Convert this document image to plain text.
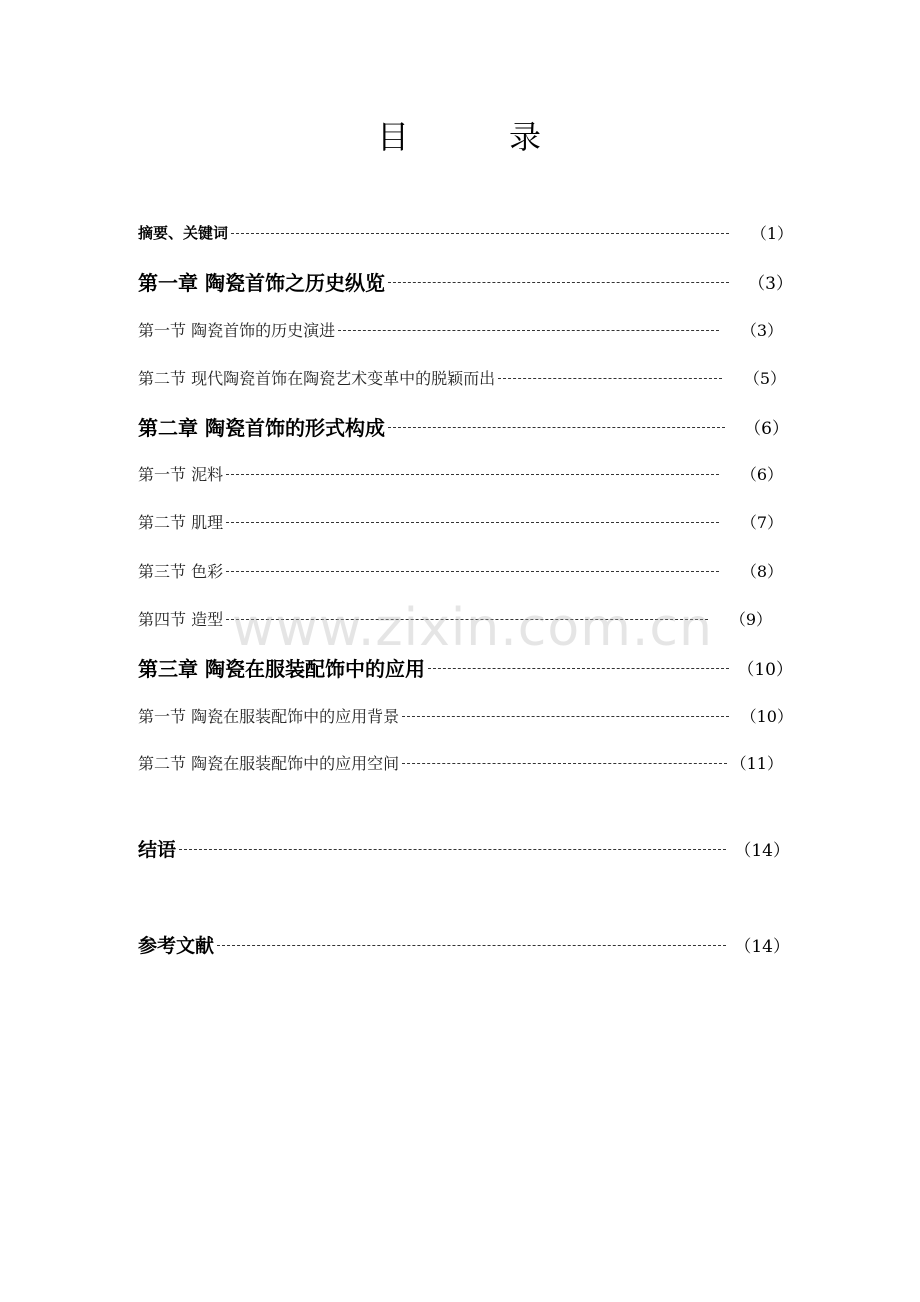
目	录
摘要、关键词	（1）
第一章 陶瓷首饰之历史纵览	（3）
第一节 陶瓷首饰的历史演进	（3）
第二节 现代陶瓷首饰在陶瓷艺术变革中的脱颖而出	（5）
第二章 陶瓷首饰的形式构成	（6）
第一节 泥料	（6）
第二节 肌理	（7）
第三节 色彩	（8）
第四节 造型	（9）
第三章 陶瓷在服装配饰中的应用	（10）
第一节 陶瓷在服装配饰中的应用背景	（10）
第二节 陶瓷在服装配饰中的应用空间	（11）
结语	（14）
参考文献	（14）
www.zixin.com.cn
